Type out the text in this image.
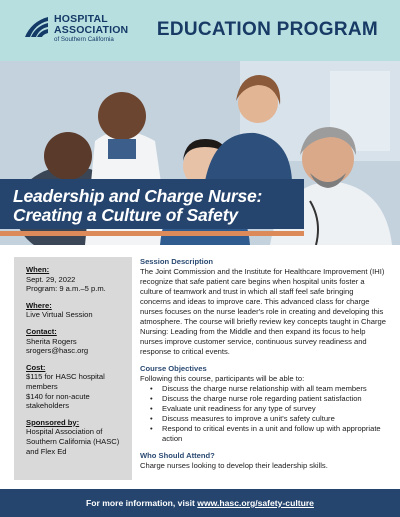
HOSPITAL
ASSOCIATION
of Southern California	EDUCATION PROGRAM
Leadership and Charge Nurse:
Creating a Culture of Safety
When:
Sept. 29, 2022
Program: 9 a.m.–5 p.m.
Where:
Live Virtual Session
Contact:
Sherita Rogers
srogers@hasc.org
Cost:
$115 for HASC hospital
members
$140 for non-acute
stakeholders
Sponsored by:
Hospital Association of
Southern California (HASC)
and Flex Ed
Session Description
The Joint Commission and the Institute for Healthcare Improvement (IHI) recognize that safe patient care begins when hospital units foster a culture of teamwork and trust in which all staff feel safe bringing concerns and ideas to improve care. This advanced class for charge nurses focuses on the nurse leader's role in creating and developing this atmosphere. The course will briefly review key concepts taught in Charge Nursing: Leading from the Middle and then expand its focus to help nurses improve customer service, continuous survey readiness and response to critical events.
Course Objectives
Following this course, participants will be able to:
• Discuss the charge nurse relationship with all team members
• Discuss the charge nurse role regarding patient satisfaction
• Evaluate unit readiness for any type of survey
• Discuss measures to improve a unit's safety culture
• Respond to critical events in a unit and follow up with appropriate action
Who Should Attend?
Charge nurses looking to develop their leadership skills.
For more information, visit www.hasc.org/safety-culture
